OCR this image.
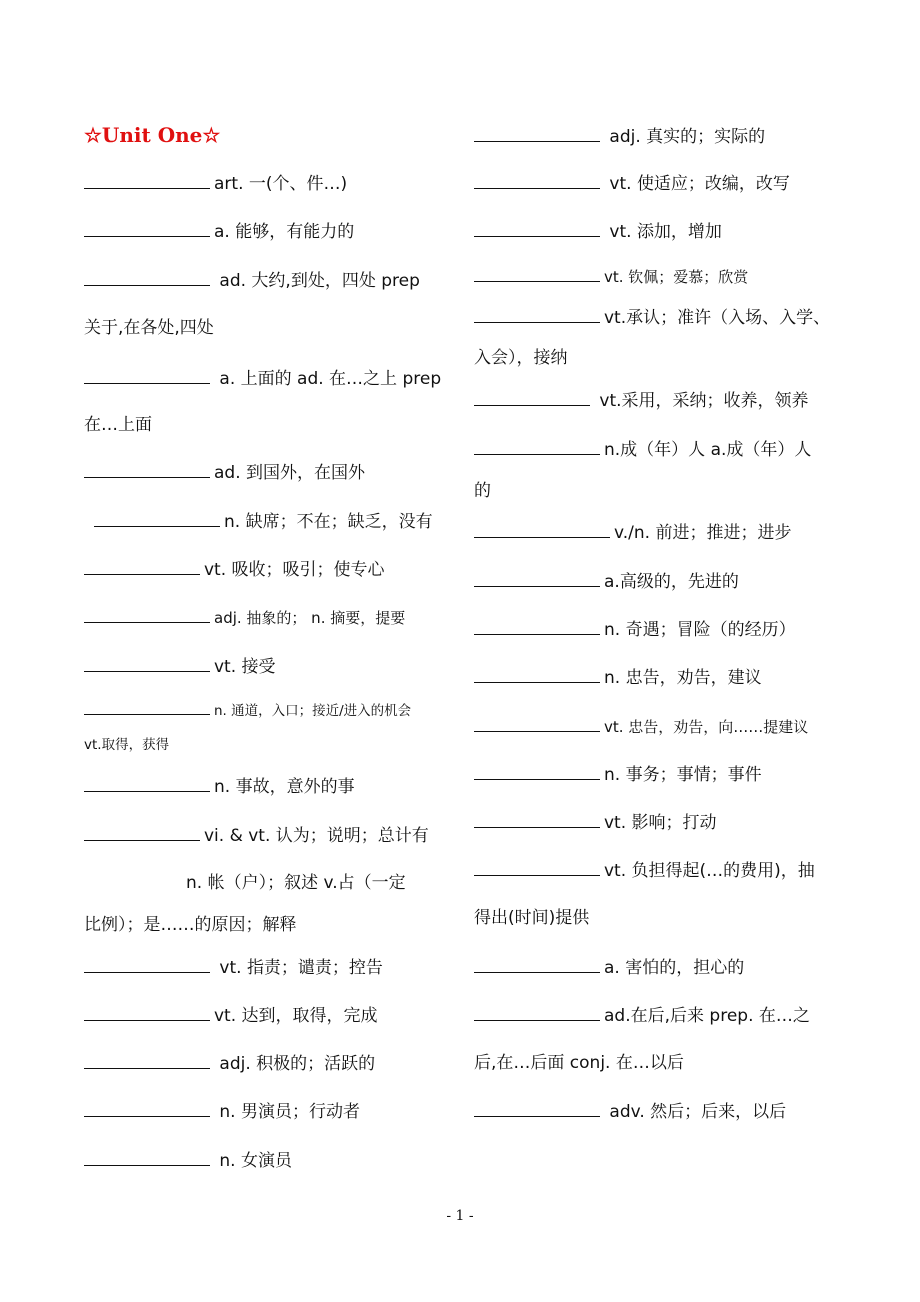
☆Unit One☆
art. 一(个、件…)
a. 能够，有能力的
ad. 大约,到处，四处 prep
关于,在各处,四处
a. 上面的 ad. 在…之上 prep
在…上面
ad. 到国外，在国外
n. 缺席；不在；缺乏，没有
vt. 吸收；吸引；使专心
adj. 抽象的； n. 摘要，提要
vt. 接受
n. 通道，入口；接近/进入的机会
vt.取得，获得
n. 事故，意外的事
vi. & vt. 认为；说明；总计有
n. 帐（户）；叙述 v.占（一定
比例）；是……的原因；解释
vt. 指责；谴责；控告
vt. 达到，取得，完成
adj. 积极的；活跃的
n. 男演员；行动者
n. 女演员
adj. 真实的；实际的
vt. 使适应；改编，改写
vt. 添加，增加
vt. 钦佩；爱慕；欣赏
vt.承认；准许（入场、入学、
入会），接纳
vt.采用，采纳；收养，领养
n.成（年）人 a.成（年）人
的
v./n. 前进；推进；进步
a.高级的，先进的
n. 奇遇；冒险（的经历）
n. 忠告，劝告，建议
vt. 忠告，劝告，向……提建议
n. 事务；事情；事件
vt. 影响；打动
vt. 负担得起(…的费用)，抽
得出(时间)提供
a. 害怕的，担心的
ad.在后,后来 prep. 在…之
后,在…后面 conj. 在…以后
adv. 然后；后来，以后
- 1 -
